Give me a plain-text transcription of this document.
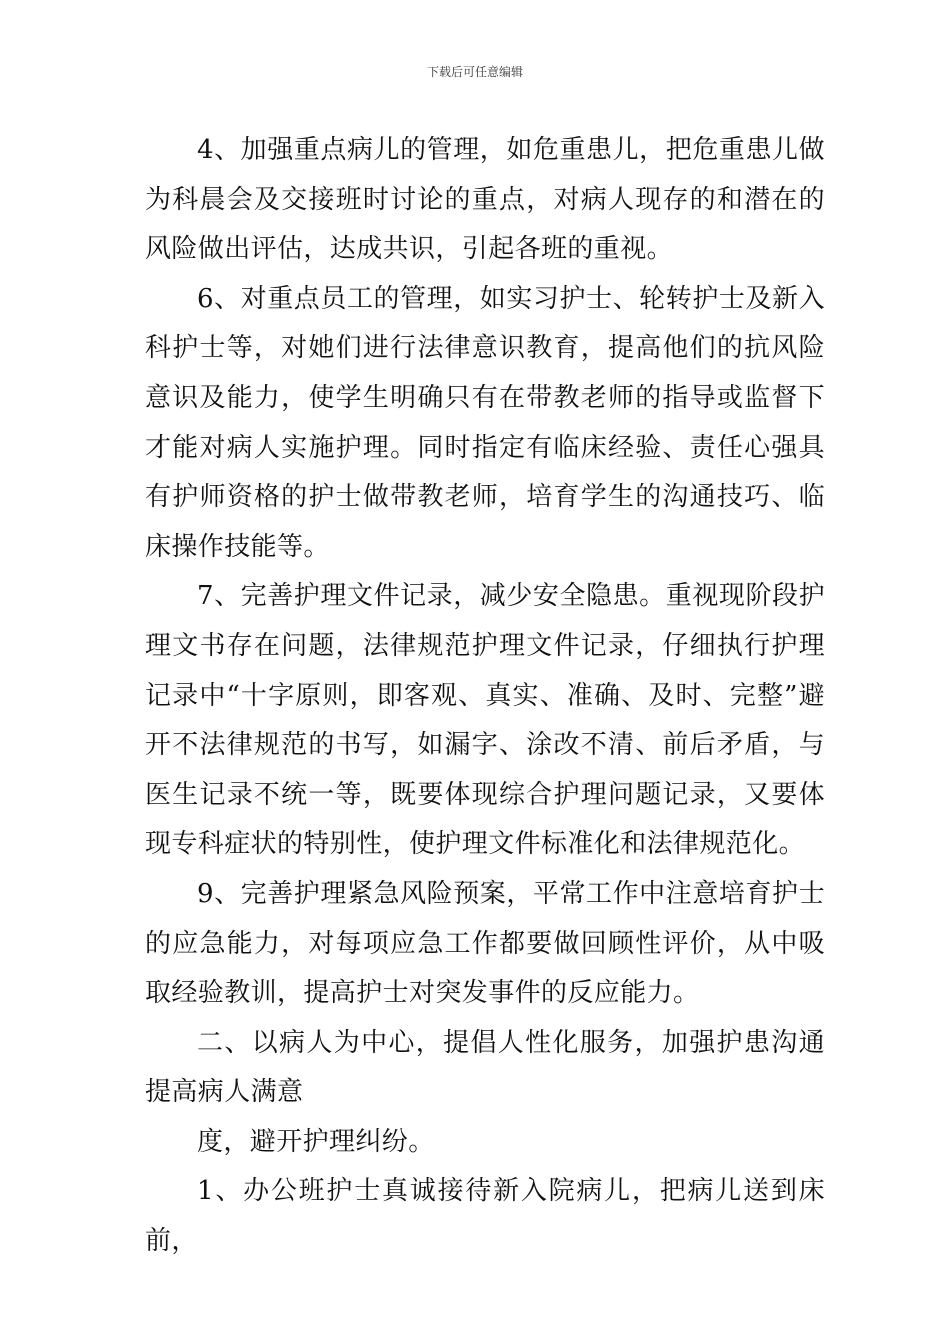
下载后可任意编辑

4、加强重点病儿的管理，如危重患儿，把危重患儿做为科晨会及交接班时讨论的重点，对病人现存的和潜在的风险做出评估，达成共识，引起各班的重视。

6、对重点员工的管理，如实习护士、轮转护士及新入科护士等，对她们进行法律意识教育，提高他们的抗风险意识及能力，使学生明确只有在带教老师的指导或监督下才能对病人实施护理。同时指定有临床经验、责任心强具有护师资格的护士做带教老师，培育学生的沟通技巧、临床操作技能等。

7、完善护理文件记录，减少安全隐患。重视现阶段护理文书存在问题，法律规范护理文件记录，仔细执行护理记录中“十字原则，即客观、真实、准确、及时、完整”避开不法律规范的书写，如漏字、涂改不清、前后矛盾，与医生记录不统一等，既要体现综合护理问题记录，又要体现专科症状的特别性，使护理文件标准化和法律规范化。

9、完善护理紧急风险预案，平常工作中注意培育护士的应急能力，对每项应急工作都要做回顾性评价，从中吸取经验教训，提高护士对突发事件的反应能力。

二、以病人为中心，提倡人性化服务，加强护患沟通提高病人满意

度，避开护理纠纷。

1、办公班护士真诚接待新入院病儿，把病儿送到床前，
